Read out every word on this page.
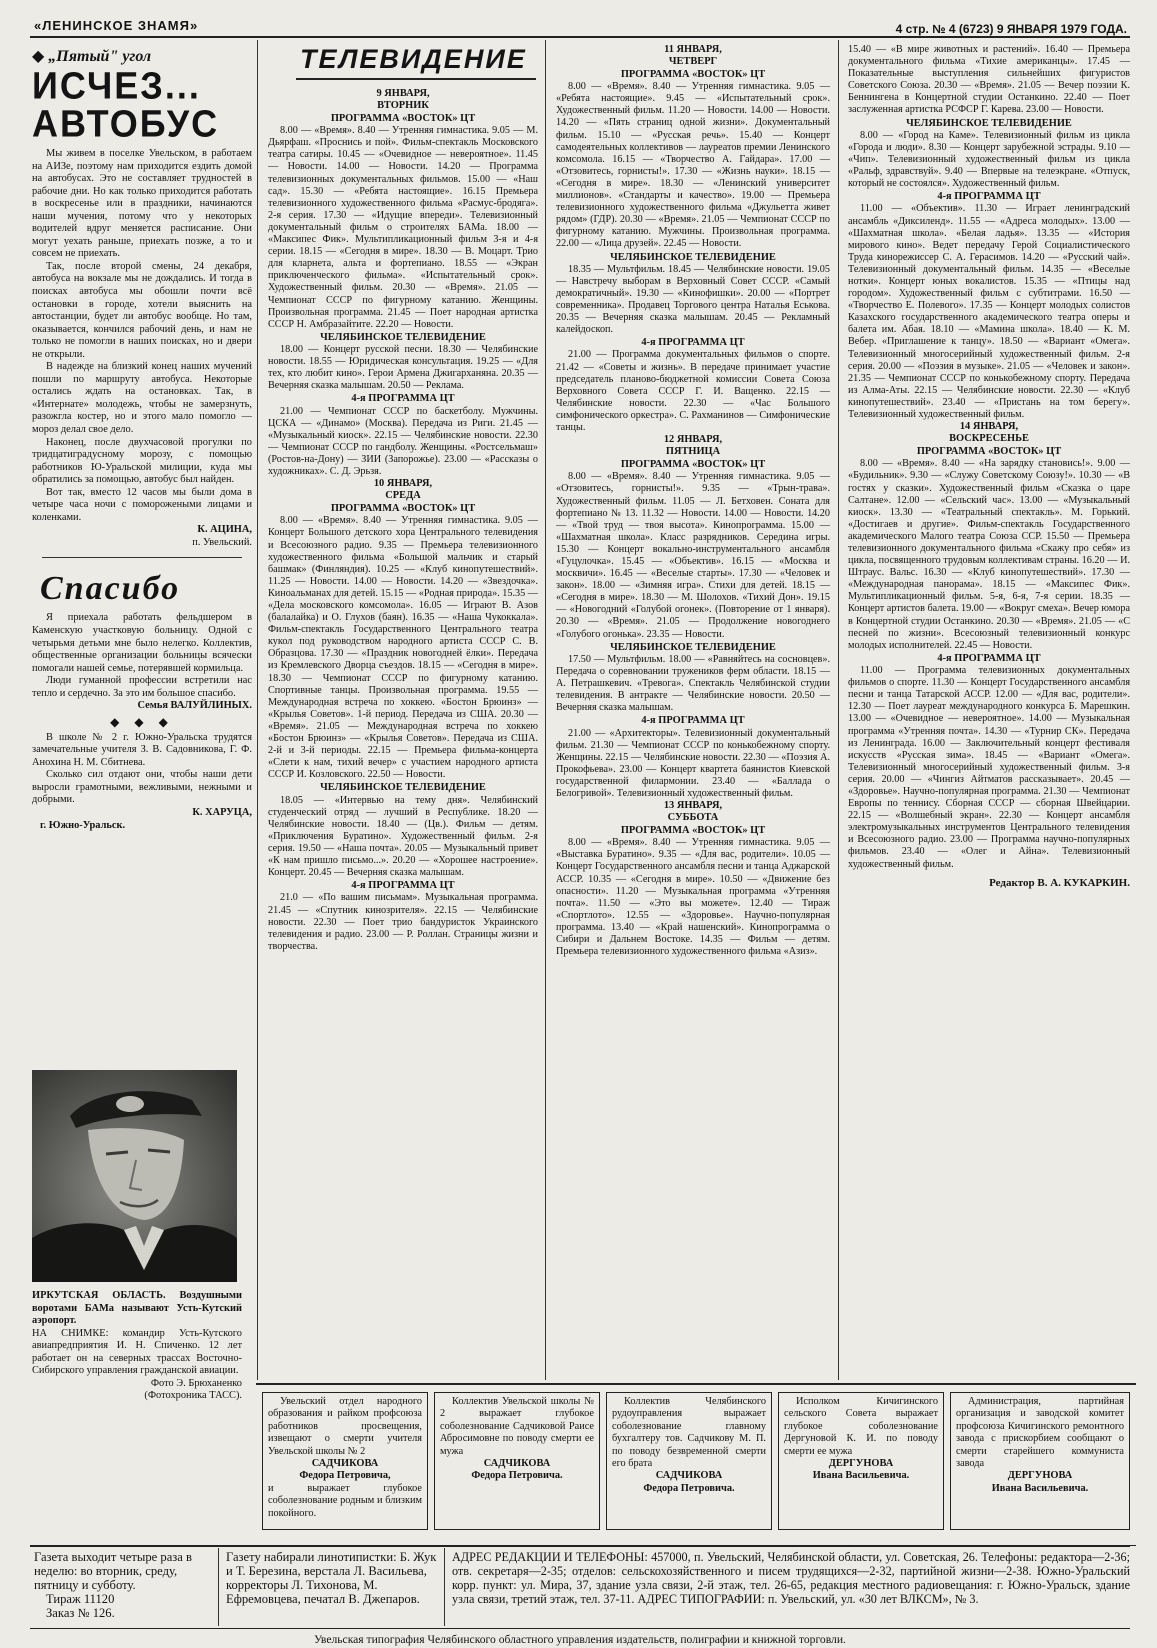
«ЛЕНИНСКОЕ ЗНАМЯ»	4 стр. № 4 (6723) 9 ЯНВАРЯ 1979 ГОДА.
◆ „Пятый" угол
ИСЧЕЗ...
АВТОБУС

Мы живем в поселке Увельском, в работаем на АИЗе, поэтому нам приходится ездить домой на автобусах. Это не составляет трудностей в рабочие дни. Но как только приходится работать в воскресенье или в праздники, начинаются наши мучения, потому что у некоторых водителей вдруг меняется расписание. Они могут уехать раньше, приехать позже, а то и совсем не приехать.

Так, после второй смены, 24 декабря, автобуса на вокзале мы не дождались. И тогда в поисках автобуса мы обошли почти всё остановки в городе, хотели выяснить на автостанции, будет ли автобус вообще. Но там, оказывается, кончился рабочий день, и нам не только не помогли в наших поисках, но и двери не открыли.

В надежде на близкий конец наших мучений пошли по маршруту автобуса. Некоторые остались ждать на остановках. Так, в «Интернате» молодежь, чтобы не замерзнуть, разожгла костер, но и этого мало помогло — мороз делал свое дело.

Наконец, после двухчасовой прогулки по тридцатиградусному морозу, с помощью работников Ю-Уральской милиции, куда мы обратились за помощью, автобус был найден.

Вот так, вместо 12 часов мы были дома в четыре часа ночи с поморожеными лицами и коленками.

К. АЦИНА,
п. Увельский.
Спасибо

Я приехала работать фельдшером в Каменскую участковую больницу. Одной с четырьмя детьми мне было нелегко. Коллектив, общественные организации больницы всячески помогали нашей семье, потерявшей кормильца.

Люди гуманной профессии встретили нас тепло и сердечно. За это им большое спасибо.

Семья ВАЛУЙЛИНЫХ.
◆ ◆ ◆

В школе № 2 г. Южно-Уральска трудятся замечательные учителя З. В. Садовникова, Г. Ф. Анохина Н. М. Сбитнева.

Сколько сил отдают они, чтобы наши дети выросли грамотными, вежливыми, нежными и добрыми.

К. ХАРУЦА,
г. Южно-Уральск.

ИРКУТСКАЯ ОБЛАСТЬ. Воздушными воротами БАМа называют Усть-Кутский аэропорт.

НА СНИМКЕ: командир Усть-Кутского авиапредприятия И. Н. Спиченко. 12 лет работает он на северных трассах Восточно-Сибирского управления гражданской авиации.

Фото Э. Брюханенко

(Фотохроника ТАСС).

ТЕЛЕВИДЕНИЕ
9 ЯНВАРЯ,
ВТОРНИК
ПРОГРАММА «ВОСТОК» ЦТ

8.00 — «Время». 8.40 — Утренняя гимнастика. 9.05 — М. Дьярфаш. «Проснись и пой». Фильм-спектакль Московского театра сатиры. 10.45 — «Очевидное — невероятное». 11.45 — Новости. 14.00 — Новости. 14.20 — Программа телевизионных документальных фильмов. 15.00 — «Наш сад». 15.30 — «Ребята настоящие». 16.15 Премьера телевизионного художественного фильма «Расмус-бродяга». 2-я серия. 17.30 — «Идущие впереди». Телевизионный документальный фильм о строителях БАМа. 18.00 — «Максипес Фик». Мультипликационный фильм 3-я и 4-я серии. 18.15 — «Сегодня в мире». 18.30 — В. Моцарт. Трио для кларнета, альта и фортепиано. 18.55 — «Экран приключенческого фильма». «Испытательный срок». Художественный фильм. 20.30 — «Время». 21.05 — Чемпионат СССР по фигурному катанию. Женщины. Произвольная программа. 21.45 — Поет народная артистка СССР Н. Амбразайтите. 22.20 — Новости.

ЧЕЛЯБИНСКОЕ ТЕЛЕВИДЕНИЕ

18.00 — Концерт русской песни. 18.30 — Челябинские новости. 18.55 — Юридическая консультация. 19.25 — «Для тех, кто любит кино». Герои Армена Джигарханяна. 20.35 — Вечерняя сказка малышам. 20.50 — Реклама.

4-я ПРОГРАММА ЦТ

21.00 — Чемпионат СССР по баскетболу. Мужчины. ЦСКА — «Динамо» (Москва). Передача из Риги. 21.45 — «Музыкальный киоск». 22.15 — Челябинские новости. 22.30 — Чемпионат СССР по гандболу. Женщины. «Ростсельмаш» (Ростов-на-Дону) — ЗИИ (Запорожье). 23.00 — «Рассказы о художниках». С. Д. Эрьзя.

10 ЯНВАРЯ,
СРЕДА
ПРОГРАММА «ВОСТОК» ЦТ

8.00 — «Время». 8.40 — Утренняя гимнастика. 9.05 — Концерт Большого детского хора Центрального телевидения и Всесоюзного радио. 9.35 — Премьера телевизионного художественного фильма «Большой мальчик и старый башмак» (Финляндия). 10.25 — «Клуб кинопутешествий». 11.25 — Новости. 14.00 — Новости. 14.20 — «Звездочка». Киноальманах для детей. 15.15 — «Родная природа». 15.35 — «Дела московского комсомола». 16.05 — Играют В. Азов (балалайка) и О. Глухов (баян). 16.35 — «Наша Чукоккала». Фильм-спектакль Государственного Центрального театра кукол под руководством народного артиста СССР С. В. Образцова. 17.30 — «Праздник новогодней ёлки». Передача из Кремлевского Дворца съездов. 18.15 — «Сегодня в мире». 18.30 — Чемпионат СССР по фигурному катанию. Спортивные танцы. Произвольная программа. 19.55 — Международная встреча по хоккею. «Бостон Брюинз» — «Крылья Советов». 1-й период. Передача из США. 20.30 — «Время». 21.05 — Международная встреча по хоккею «Бостон Брюинз» — «Крылья Советов». Передача из США. 2-й и 3-й периоды. 22.15 — Премьера фильма-концерта «Слети к нам, тихий вечер» с участием народного артиста СССР И. Козловского. 22.50 — Новости.

ЧЕЛЯБИНСКОЕ ТЕЛЕВИДЕНИЕ

18.05 — «Интервью на тему дня». Челябинский студенческий отряд — лучший в Республике. 18.20 — Челябинские новости. 18.40 — (Цв.). Фильм — детям. «Приключения Буратино». Художественный фильм. 2-я серия. 19.50 — «Наша почта». 20.05 — Музыкальный привет «К нам пришло письмо...». 20.20 — «Хорошее настроение». Концерт. 20.45 — Вечерняя сказка малышам.

4-я ПРОГРАММА ЦТ

21.0 — «По вашим письмам». Музыкальная программа. 21.45 — «Спутник кинозрителя». 22.15 — Челябинские новости. 22.30 — Поет трио бандуристок Украинского телевидения и радио. 23.00 — Р. Роллан. Страницы жизни и творчества.

11 ЯНВАРЯ,
ЧЕТВЕРГ
ПРОГРАММА «ВОСТОК» ЦТ

8.00 — «Время». 8.40 — Утренняя гимнастика. 9.05 — «Ребята настоящие». 9.45 — «Испытательный срок». Художественный фильм. 11.20 — Новости. 14.00 — Новости. 14.20 — «Пять страниц одной жизни». Документальный фильм. 15.10 — «Русская речь». 15.40 — Концерт самодеятельных коллективов — лауреатов премии Ленинского комсомола. 16.15 — «Творчество А. Гайдара». 17.00 — «Отзовитесь, горнисты!». 17.30 — «Жизнь науки». 18.15 — «Сегодня в мире». 18.30 — «Ленинский университет миллионов». «Стандарты и качество». 19.00 — Премьера телевизионного художественного фильма «Джульетта живет рядом» (ГДР). 20.30 — «Время». 21.05 — Чемпионат СССР по фигурному катанию. Мужчины. Произвольная программа. 22.00 — «Лица друзей». 22.45 — Новости.

ЧЕЛЯБИНСКОЕ ТЕЛЕВИДЕНИЕ

18.35 — Мультфильм. 18.45 — Челябинские новости. 19.05 — Навстречу выборам в Верховный Совет СССР. «Самый демократичный». 19.30 — «Кинофишки». 20.00 — «Портрет современника». Продавец Торгового центра Наталья Еськова. 20.35 — Вечерняя сказка малышам. 20.45 — Рекламный калейдоскоп.

4-я ПРОГРАММА ЦТ

21.00 — Программа документальных фильмов о спорте. 21.42 — «Советы и жизнь». В передаче принимает участие председатель планово-бюджетной комиссии Совета Союза Верховного Совета СССР Г. И. Ващенко. 22.15 — Челябинские новости. 22.30 — «Час Большого симфонического оркестра». С. Рахманинов — Симфонические танцы.

12 ЯНВАРЯ,
ПЯТНИЦА
ПРОГРАММА «ВОСТОК» ЦТ

8.00 — «Время». 8.40 — Утренняя гимнастика. 9.05 — «Отзовитесь, горнисты!». 9.35 — «Трын-трава». Художественный фильм. 11.05 — Л. Бетховен. Соната для фортепиано № 13. 11.32 — Новости. 14.00 — Новости. 14.20 — «Твой труд — твоя высота». Кинопрограмма. 15.00 — «Шахматная школа». Класс разрядников. Середина игры. 15.30 — Концерт вокально-инструментального ансамбля «Гуцулочка». 15.45 — «Объектив». 16.15 — «Москва и москвичи». 16.45 — «Веселые старты». 17.30 — «Человек и закон». 18.00 — «Зимняя игра». Стихи для детей. 18.15 — «Сегодня в мире». 18.30 — М. Шолохов. «Тихий Дон». 19.15 — «Новогодний «Голубой огонек». (Повторение от 1 января). 20.30 — «Время». 21.05 — Продолжение новогоднего «Голубого огонька». 23.35 — Новости.

ЧЕЛЯБИНСКОЕ ТЕЛЕВИДЕНИЕ

17.50 — Мультфильм. 18.00 — «Равняйтесь на сосновцев». Передача о соревновании тружеников ферм области. 18.15 — А. Петрашкевич. «Тревога». Спектакль Челябинской студии телевидения. В антракте — Челябинские новости. 20.50 — Вечерняя сказка малышам.

4-я ПРОГРАММА ЦТ

21.00 — «Архитекторы». Телевизионный документальный фильм. 21.30 — Чемпионат СССР по конькобежному спорту. Женщины. 22.15 — Челябинские новости. 22.30 — «Поэзия А. Прокофьева». 23.00 — Концерт квартета баянистов Киевской государственной филармонии. 23.40 — «Баллада о Белогривой». Телевизионный художественный фильм.

13 ЯНВАРЯ,
СУББОТА
ПРОГРАММА «ВОСТОК» ЦТ

8.00 — «Время». 8.40 — Утренняя гимнастика. 9.05 — «Выставка Буратино». 9.35 — «Для вас, родители». 10.05 — Концерт Государственного ансамбля песни и танца Аджарской АССР. 10.35 — «Сегодня в мире». 10.50 — «Движение без опасности». 11.20 — Музыкальная программа «Утренняя почта». 11.50 — «Это вы можете». 12.40 — Тираж «Спортлото». 12.55 — «Здоровье». Научно-популярная программа. 13.40 — «Край нашенский». Кинопрограмма о Сибири и Дальнем Востоке. 14.35 — Фильм — детям. Премьера телевизионного художественного фильма «Азиз».

15.40 — «В мире животных и растений». 16.40 — Премьера документального фильма «Тихие американцы». 17.45 — Показательные выступления сильнейших фигуристов Советского Союза. 20.30 — «Время». 21.05 — Вечер поэзии К. Беннингена в Концертной студии Останкино. 22.40 — Поет заслуженная артистка РСФСР Г. Карева. 23.00 — Новости.

ЧЕЛЯБИНСКОЕ ТЕЛЕВИДЕНИЕ

8.00 — «Город на Каме». Телевизионный фильм из цикла «Города и люди». 8.30 — Концерт зарубежной эстрады. 9.10 — «Чип». Телевизионный художественный фильм из цикла «Ральф, здравствуй». 9.40 — Впервые на телеэкране. «Отпуск, который не состоялся». Художественный фильм.

4-я ПРОГРАММА ЦТ

11.00 — «Объектив». 11.30 — Играет ленинградский ансамбль «Диксиленд». 11.55 — «Адреса молодых». 13.00 — «Шахматная школа». «Белая ладья». 13.35 — «История мирового кино». Ведет передачу Герой Социалистического Труда кинорежиссер С. А. Герасимов. 14.20 — «Русский чай». Телевизионный документальный фильм. 14.35 — «Веселые нотки». Концерт юных вокалистов. 15.35 — «Птицы над городом». Художественный фильм с субтитрами. 16.50 — «Творчество Е. Полевого». 17.35 — Концерт молодых солистов Казахского государственного академического театра оперы и балета им. Абая. 18.10 — «Мамина школа». 18.40 — К. М. Вебер. «Приглашение к танцу». 18.50 — «Вариант «Омега». Телевизионный многосерийный художественный фильм. 2-я серия. 20.00 — «Поэзия в музыке». 21.05 — «Человек и закон». 21.35 — Чемпионат СССР по конькобежному спорту. Передача из Алма-Аты. 22.15 — Челябинские новости. 22.30 — «Клуб кинопутешествий». 23.40 — «Пристань на том берегу». Телевизионный художественный фильм.

14 ЯНВАРЯ,
ВОСКРЕСЕНЬЕ
ПРОГРАММА «ВОСТОК» ЦТ

8.00 — «Время». 8.40 — «На зарядку становись!». 9.00 — «Будильник». 9.30 — «Служу Советскому Союзу!». 10.30 — «В гостях у сказки». Художественный фильм «Сказка о царе Салтане». 12.00 — «Сельский час». 13.00 — «Музыкальный киоск». 13.30 — «Театральный спектакль». М. Горький. «Достигаев и другие». Фильм-спектакль Государственного академического Малого театра Союза ССР. 15.50 — Премьера телевизионного документального фильма «Скажу про себя» из цикла, посвященного трудовым коллективам страны. 16.20 — И. Штраус. Вальс. 16.30 — «Клуб кинопутешествий». 17.30 — «Международная панорама». 18.15 — «Максипес Фик». Мультипликационный фильм. 5-я, 6-я, 7-я серии. 18.35 — Концерт артистов балета. 19.00 — «Вокруг смеха». Вечер юмора в Концертной студии Останкино. 20.30 — «Время». 21.05 — «С песней по жизни». Всесоюзный телевизионный конкурс молодых исполнителей. 22.45 — Новости.

4-я ПРОГРАММА ЦТ

11.00 — Программа телевизионных документальных фильмов о спорте. 11.30 — Концерт Государственного ансамбля песни и танца Татарской АССР. 12.00 — «Для вас, родители». 12.30 — Поет лауреат международного конкурса Б. Марешкин. 13.00 — «Очевидное — невероятное». 14.00 — Музыкальная программа «Утренняя почта». 14.30 — «Турнир СК». Передача из Ленинграда. 16.00 — Заключительный концерт фестиваля искусств «Русская зима». 18.45 — «Вариант «Омега». Телевизионный многосерийный художественный фильм. 3-я серия. 20.00 — «Чингиз Айтматов рассказывает». 20.45 — «Здоровье». Научно-популярная программа. 21.30 — Чемпионат Европы по теннису. Сборная СССР — сборная Швейцарии. 22.15 — «Волшебный экран». 22.30 — Концерт ансамбля электромузыкальных инструментов Центрального телевидения и Всесоюзного радио. 23.00 — Программа научно-популярных фильмов. 23.40 — «Олег и Айна». Телевизионный художественный фильм.

Редактор В. А. КУКАРКИН.

Увельский отдел народного образования и райком профсоюза работников просвещения, извещают о смерти учителя Увельской школы № 2

САДЧИКОВА
Федора Петровича,

и выражает глубокое соболезнование родным и близким покойного.

Коллектив Увельской школы № 2 выражает глубокое соболезнование Садчиковой Раисе Абросимовне по поводу смерти ее мужа

САДЧИКОВА
Федора Петровича.

Коллектив Челябинского рудоуправления выражает соболезнование главному бухгалтеру тов. Садчикову М. П. по поводу безвременной смерти его брата

САДЧИКОВА
Федора Петровича.

Исполком Кичигинского сельского Совета выражает глубокое соболезнование Дергуновой К. И. по поводу смерти ее мужа

ДЕРГУНОВА
Ивана Васильевича.

Администрация, партийная организация и заводской комитет профсоюза Кичигинского ремонтного завода с прискорбием сообщают о смерти старейшего коммуниста завода

ДЕРГУНОВА
Ивана Васильевича.

Газета выходит четыре раза в неделю: во вторник, среду, пятницу и субботу.

Тираж 11120

Заказ № 126.

Газету набирали линотипистки: Б. Жук и Т. Березина, верстала Л. Васильева, корректоры Л. Тихонова, М. Ефремовцева, печатал В. Джепаров.

АДРЕС РЕДАКЦИИ И ТЕЛЕФОНЫ: 457000, п. Увельский, Челябинской области, ул. Советская, 26. Телефоны: редактора—2-36; отв. секретаря—2-35; отделов: сельскохозяйственного и писем трудящихся—2-32, партийной жизни—2-38. Южно-Уральский корр. пункт: ул. Мира, 37, здание узла связи, 2-й этаж, тел. 26-65, редакция местного радиовещания: г. Южно-Уральск, здание узла связи, третий этаж, тел. 37-11. АДРЕС ТИПОГРАФИИ: п. Увельский, ул. «30 лет ВЛКСМ», № 3.

Увельская типография Челябинского областного управления издательств, полиграфии и книжной торговли.
